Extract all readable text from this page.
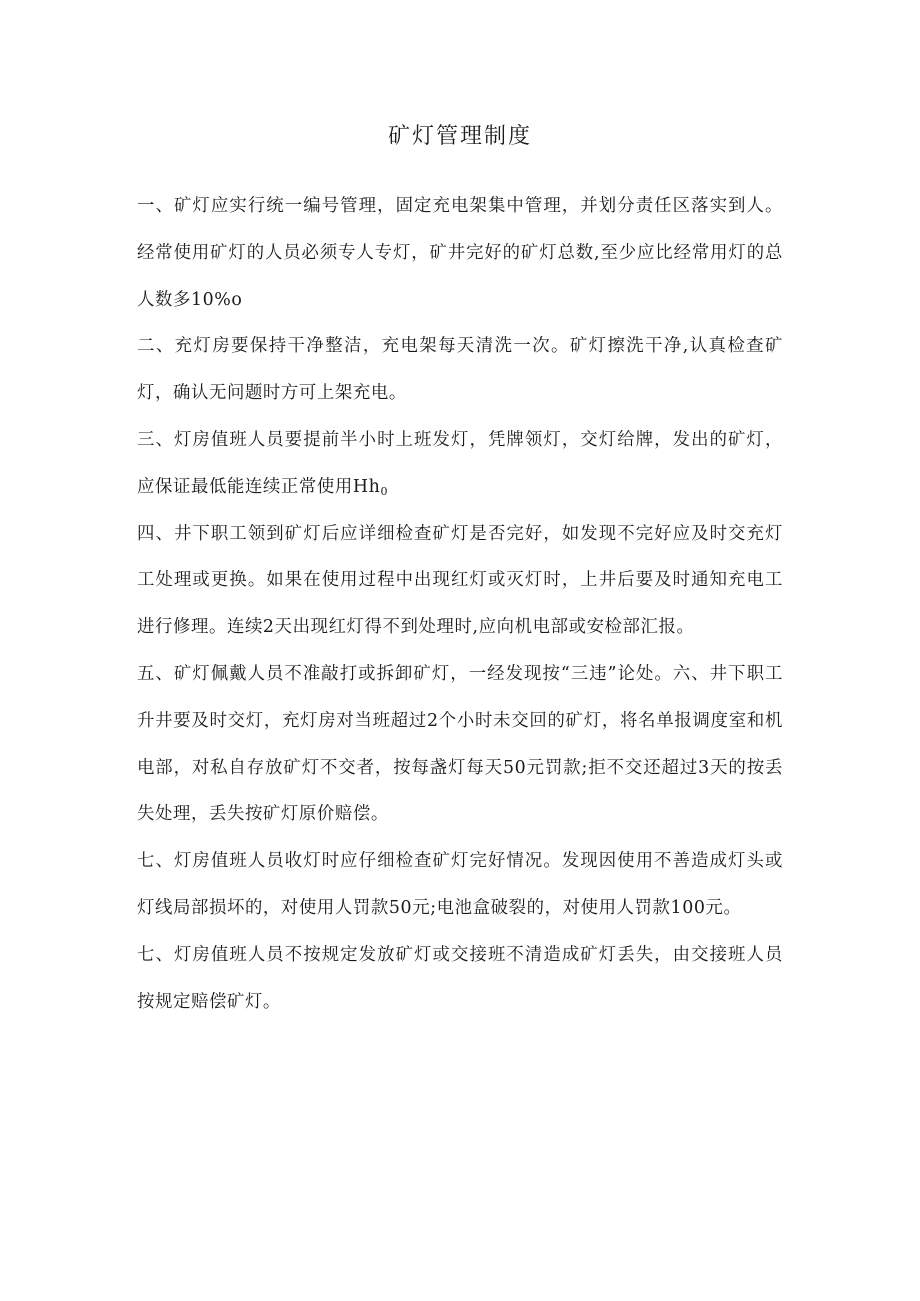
矿灯管理制度

一、矿灯应实行统一编号管理，固定充电架集中管理，并划分责任区落实到人。经常使用矿灯的人员必须专人专灯，矿井完好的矿灯总数,至少应比经常用灯的总人数多10%o

二、充灯房要保持干净整洁，充电架每天清洗一次。矿灯擦洗干净,认真检查矿灯，确认无问题时方可上架充电。

三、灯房值班人员要提前半小时上班发灯，凭牌领灯，交灯给牌，发出的矿灯，应保证最低能连续正常使用$Hh_0$

四、井下职工领到矿灯后应详细检查矿灯是否完好，如发现不完好应及时交充灯工处理或更换。如果在使用过程中出现红灯或灭灯时，上井后要及时通知充电工进行修理。连续2天出现红灯得不到处理时,应向机电部或安检部汇报。

五、矿灯佩戴人员不准敲打或拆卸矿灯，一经发现按“三违”论处。六、井下职工升井要及时交灯，充灯房对当班超过2个小时未交回的矿灯，将名单报调度室和机电部，对私自存放矿灯不交者，按每盏灯每天50元罚款;拒不交还超过3天的按丢失处理，丢失按矿灯原价赔偿。

七、灯房值班人员收灯时应仔细检查矿灯完好情况。发现因使用不善造成灯头或灯线局部损坏的，对使用人罚款50元;电池盒破裂的，对使用人罚款100元。

七、灯房值班人员不按规定发放矿灯或交接班不清造成矿灯丢失，由交接班人员按规定赔偿矿灯。
